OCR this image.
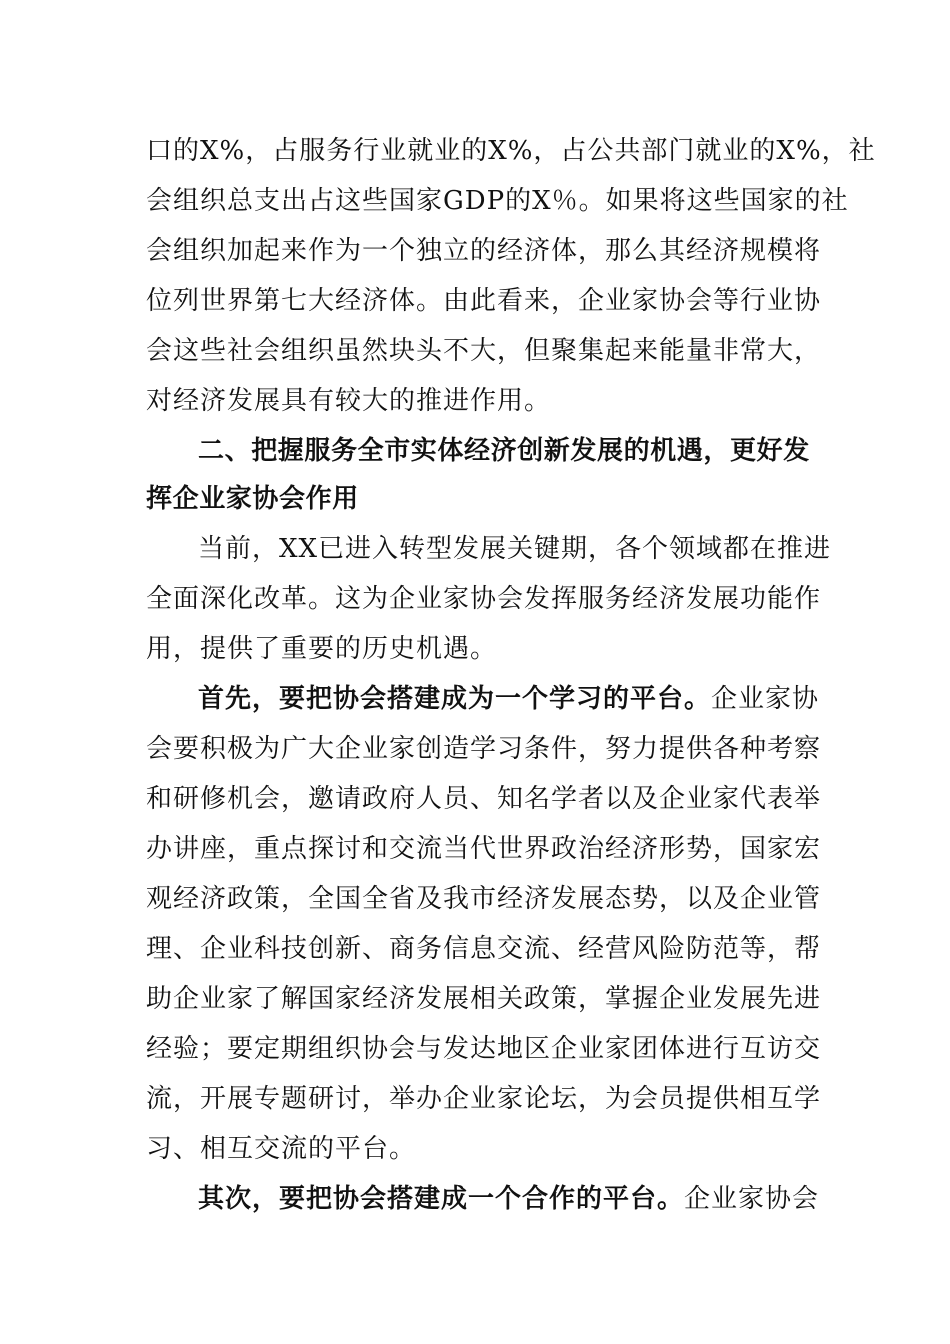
口的X%，占服务行业就业的X%，占公共部门就业的X%，社
会组织总支出占这些国家GDP的X％。如果将这些国家的社
会组织加起来作为一个独立的经济体，那么其经济规模将
位列世界第七大经济体。由此看来，企业家协会等行业协
会这些社会组织虽然块头不大，但聚集起来能量非常大，
对经济发展具有较大的推进作用。
二、把握服务全市实体经济创新发展的机遇，更好发
挥企业家协会作用
当前，XX已进入转型发展关键期，各个领域都在推进
全面深化改革。这为企业家协会发挥服务经济发展功能作
用，提供了重要的历史机遇。
首先，要把协会搭建成为一个学习的平台。企业家协
会要积极为广大企业家创造学习条件，努力提供各种考察
和研修机会，邀请政府人员、知名学者以及企业家代表举
办讲座，重点探讨和交流当代世界政治经济形势，国家宏
观经济政策，全国全省及我市经济发展态势，以及企业管
理、企业科技创新、商务信息交流、经营风险防范等，帮
助企业家了解国家经济发展相关政策，掌握企业发展先进
经验；要定期组织协会与发达地区企业家团体进行互访交
流，开展专题研讨，举办企业家论坛，为会员提供相互学
习、相互交流的平台。
其次，要把协会搭建成一个合作的平台。企业家协会
